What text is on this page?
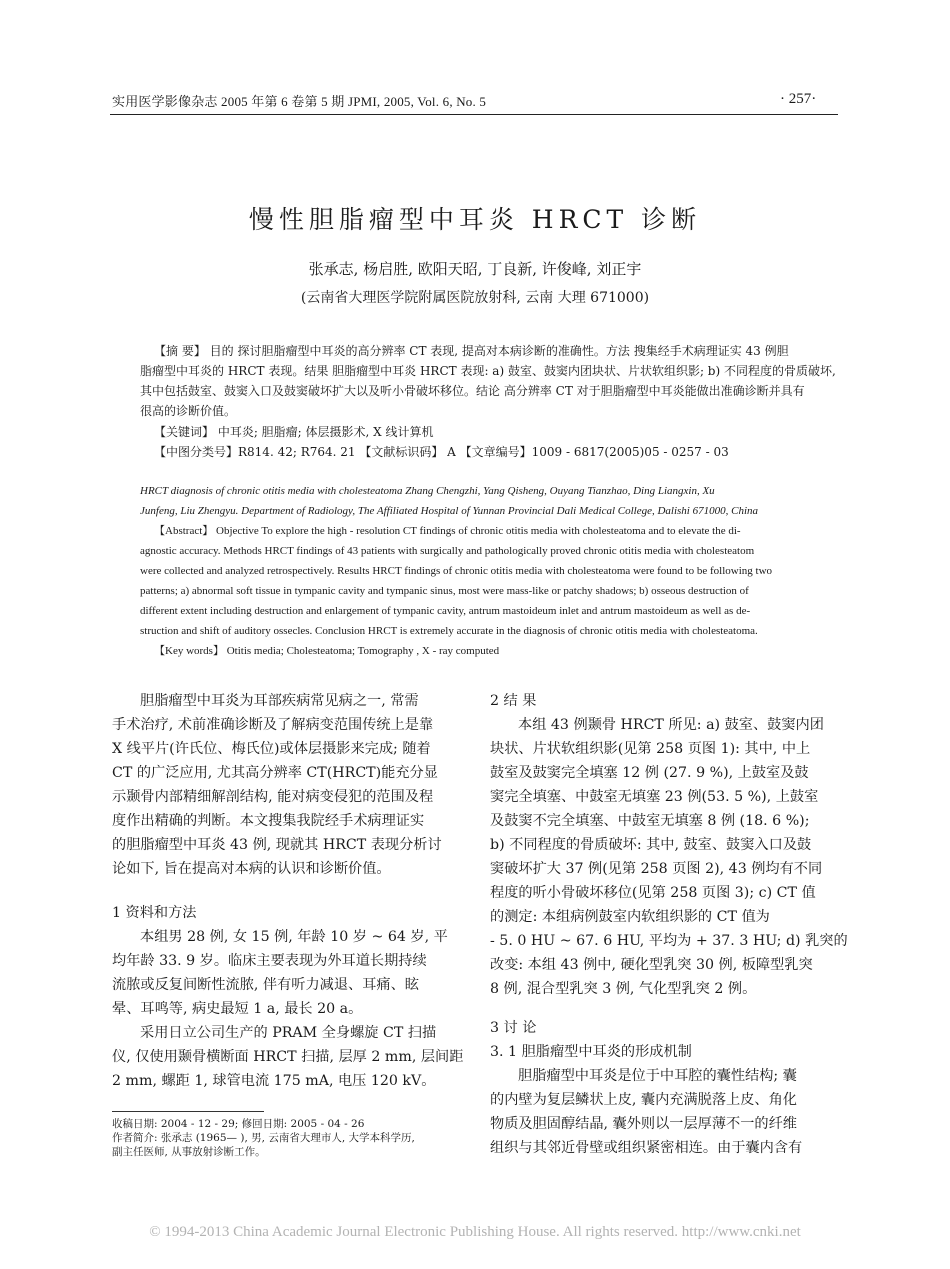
实用医学影像杂志 2005 年第 6 卷第 5 期 JPMI, 2005, Vol. 6, No. 5	· 257·
慢性胆脂瘤型中耳炎 HRCT 诊断
张承志, 杨启胜, 欧阳天昭, 丁良新, 许俊峰, 刘正宇
(云南省大理医学院附属医院放射科, 云南 大理 671000)
【摘 要】 目的 探讨胆脂瘤型中耳炎的高分辨率 CT 表现, 提高对本病诊断的准确性。方法 搜集经手术病理证实 43 例胆
脂瘤型中耳炎的 HRCT 表现。结果 胆脂瘤型中耳炎 HRCT 表现: a) 鼓室、鼓窦内团块状、片状软组织影; b) 不同程度的骨质破坏,
其中包括鼓室、鼓窦入口及鼓窦破坏扩大以及听小骨破坏移位。结论 高分辨率 CT 对于胆脂瘤型中耳炎能做出准确诊断并具有
很高的诊断价值。
【关键词】 中耳炎; 胆脂瘤; 体层摄影术, X 线计算机
【中图分类号】R814. 42; R764. 21 【文献标识码】 A 【文章编号】1009 - 6817(2005)05 - 0257 - 03
HRCT diagnosis of chronic otitis media with cholesteatoma Zhang Chengzhi, Yang Qisheng, Ouyang Tianzhao, Ding Liangxin, Xu
Junfeng, Liu Zhengyu. Department of Radiology, The Affiliated Hospital of Yunnan Provincial Dali Medical College, Dalishi 671000, China
【Abstract】 Objective To explore the high - resolution CT findings of chronic otitis media with cholesteatoma and to elevate the di-
agnostic accuracy. Methods HRCT findings of 43 patients with surgically and pathologically proved chronic otitis media with cholesteatom
were collected and analyzed retrospectively. Results HRCT findings of chronic otitis media with cholesteatoma were found to be following two
patterns; a) abnormal soft tissue in tympanic cavity and tympanic sinus, most were mass-like or patchy shadows; b) osseous destruction of
different extent including destruction and enlargement of tympanic cavity, antrum mastoideum inlet and antrum mastoideum as well as de-
struction and shift of auditory ossecles. Conclusion HRCT is extremely accurate in the diagnosis of chronic otitis media with cholesteatoma.
【Key words】 Otitis media; Cholesteatoma; Tomography , X - ray computed
胆脂瘤型中耳炎为耳部疾病常见病之一, 常需
手术治疗, 术前准确诊断及了解病变范围传统上是靠
X 线平片(许氏位、梅氏位)或体层摄影来完成; 随着
CT 的广泛应用, 尤其高分辨率 CT(HRCT)能充分显
示颞骨内部精细解剖结构, 能对病变侵犯的范围及程
度作出精确的判断。本文搜集我院经手术病理证实
的胆脂瘤型中耳炎 43 例, 现就其 HRCT 表现分析讨
论如下, 旨在提高对本病的认识和诊断价值。
1 资料和方法
本组男 28 例, 女 15 例, 年龄 10 岁 ~ 64 岁, 平
均年龄 33. 9 岁。临床主要表现为外耳道长期持续
流脓或反复间断性流脓, 伴有听力减退、耳痛、眩
晕、耳鸣等, 病史最短 1 a, 最长 20 a。
采用日立公司生产的 PRAM 全身螺旋 CT 扫描
仪, 仅使用颞骨横断面 HRCT 扫描, 层厚 2 mm, 层间距
2 mm, 螺距 1, 球管电流 175 mA, 电压 120 kV。
2 结 果
本组 43 例颞骨 HRCT 所见: a) 鼓室、鼓窦内团
块状、片状软组织影(见第 258 页图 1): 其中, 中上
鼓室及鼓窦完全填塞 12 例 (27. 9 %), 上鼓室及鼓
窦完全填塞、中鼓室无填塞 23 例(53. 5 %), 上鼓室
及鼓窦不完全填塞、中鼓室无填塞 8 例 (18. 6 %);
b) 不同程度的骨质破坏: 其中, 鼓室、鼓窦入口及鼓
窦破坏扩大 37 例(见第 258 页图 2), 43 例均有不同
程度的听小骨破坏移位(见第 258 页图 3); c) CT 值
的测定: 本组病例鼓室内软组织影的 CT 值为
- 5. 0 HU ~ 67. 6 HU, 平均为 + 37. 3 HU; d) 乳突的
改变: 本组 43 例中, 硬化型乳突 30 例, 板障型乳突
8 例, 混合型乳突 3 例, 气化型乳突 2 例。
3 讨 论
3. 1 胆脂瘤型中耳炎的形成机制
胆脂瘤型中耳炎是位于中耳腔的囊性结构; 囊
的内壁为复层鳞状上皮, 囊内充满脱落上皮、角化
物质及胆固醇结晶, 囊外则以一层厚薄不一的纤维
组织与其邻近骨壁或组织紧密相连。由于囊内含有
收稿日期: 2004 - 12 - 29; 修回日期: 2005 - 04 - 26
作者简介: 张承志 (1965— ), 男, 云南省大理市人, 大学本科学历,
副主任医师, 从事放射诊断工作。
© 1994-2013 China Academic Journal Electronic Publishing House. All rights reserved. http://www.cnki.net
